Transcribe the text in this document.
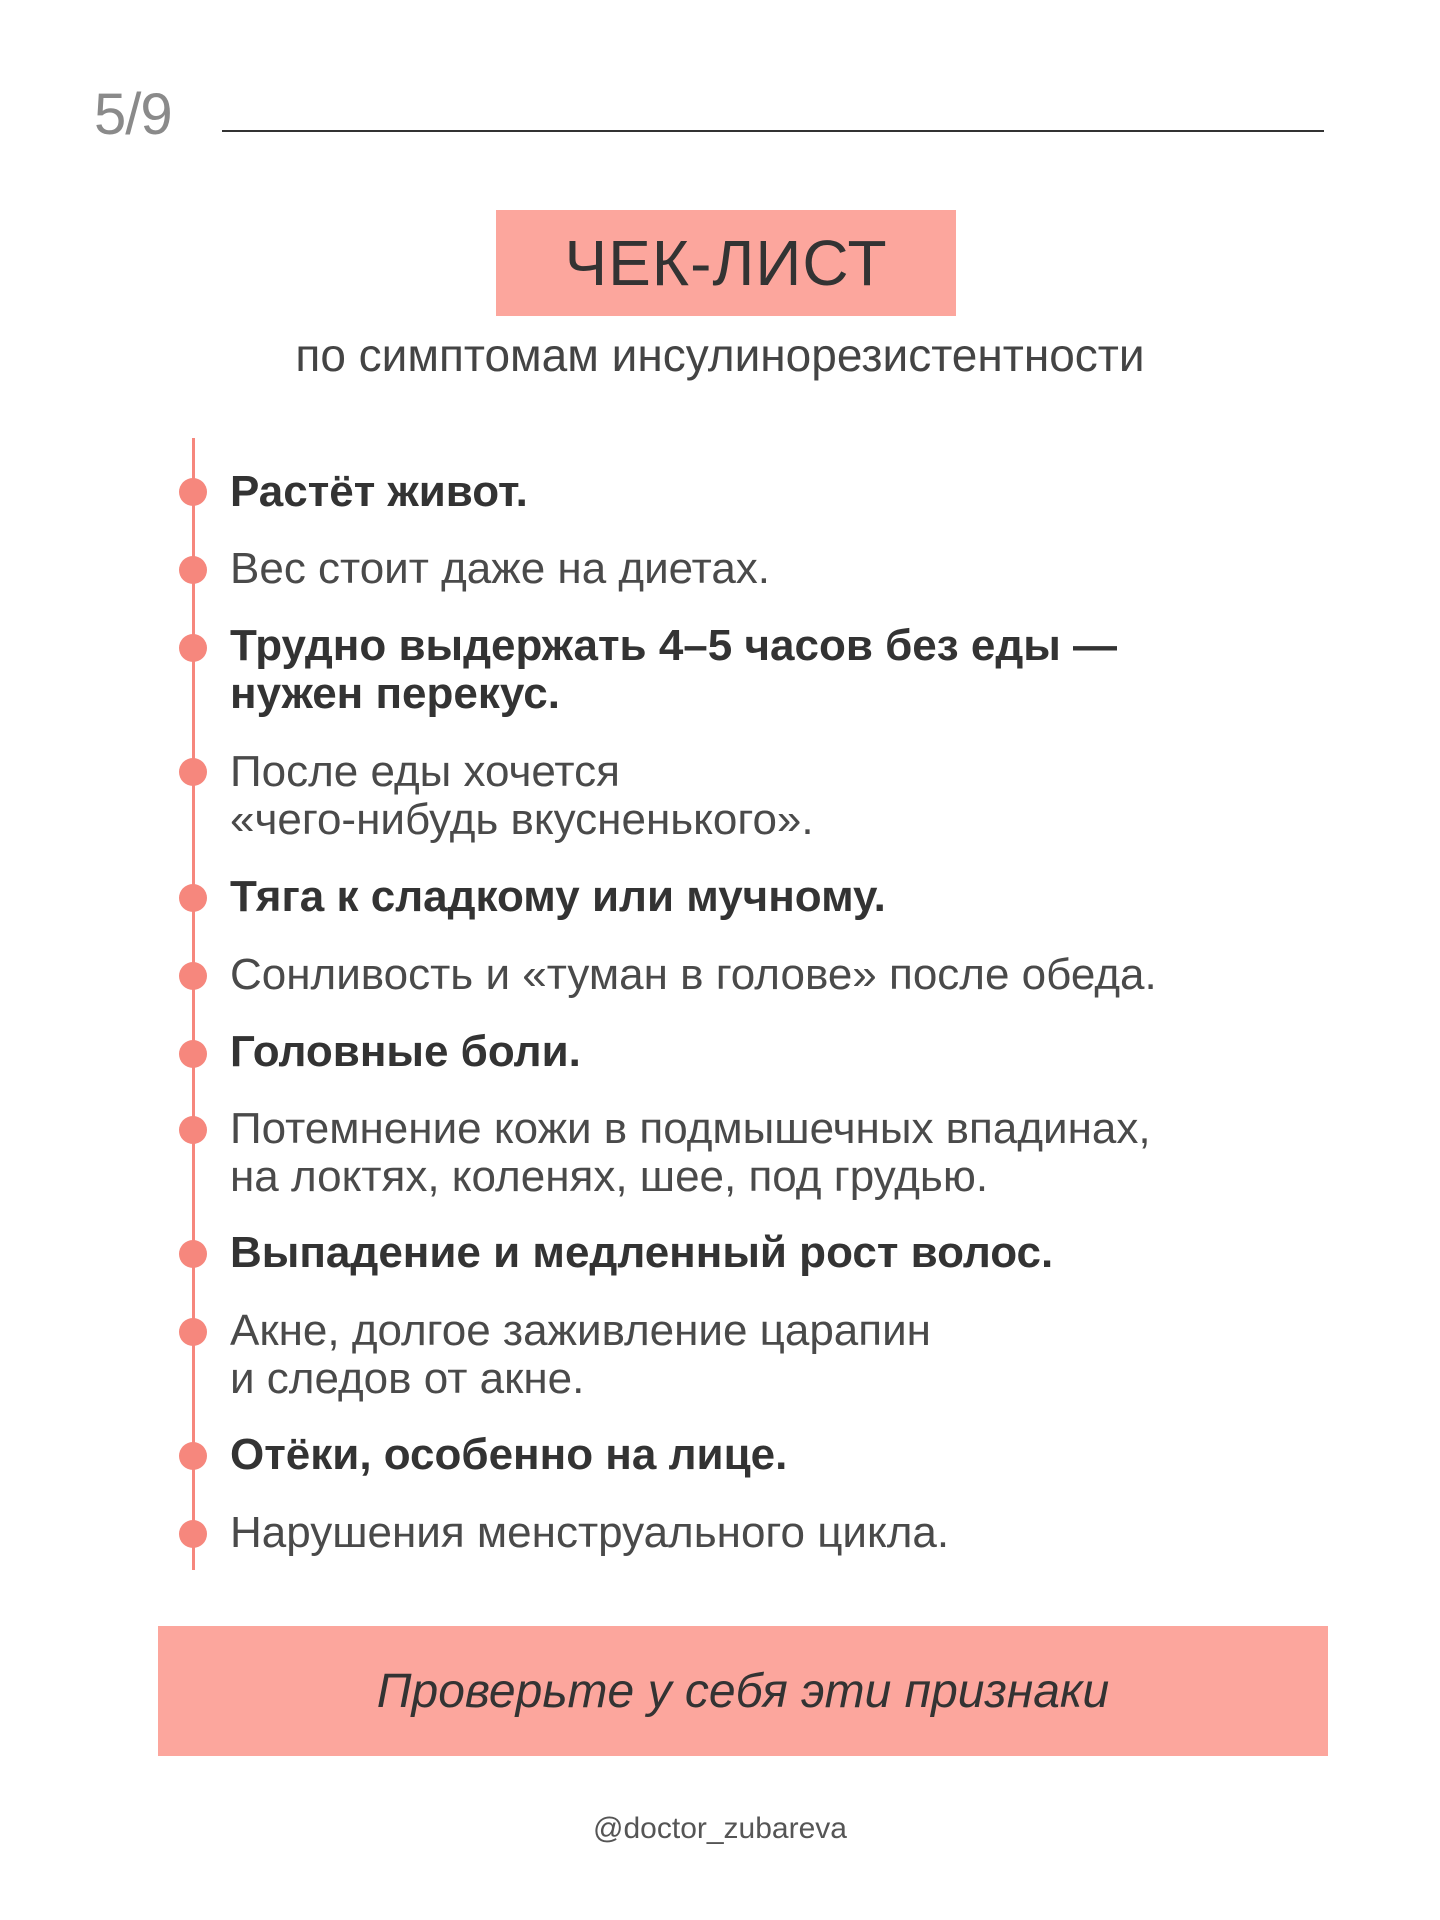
5/9
ЧЕК-ЛИСТ
по симптомам инсулинорезистентности
Растёт живот.
Вес стоит даже на диетах.
Трудно выдержать 4–5 часов без еды —
нужен перекус.
После еды хочется
«чего-нибудь вкусненького».
Тяга к сладкому или мучному.
Сонливость и «туман в голове» после обеда.
Головные боли.
Потемнение кожи в подмышечных впадинах,
на локтях, коленях, шее, под грудью.
Выпадение и медленный рост волос.
Акне, долгое заживление царапин
и следов от акне.
Отёки, особенно на лице.
Нарушения менструального цикла.
Проверьте у себя эти признаки
@doctor_zubareva
